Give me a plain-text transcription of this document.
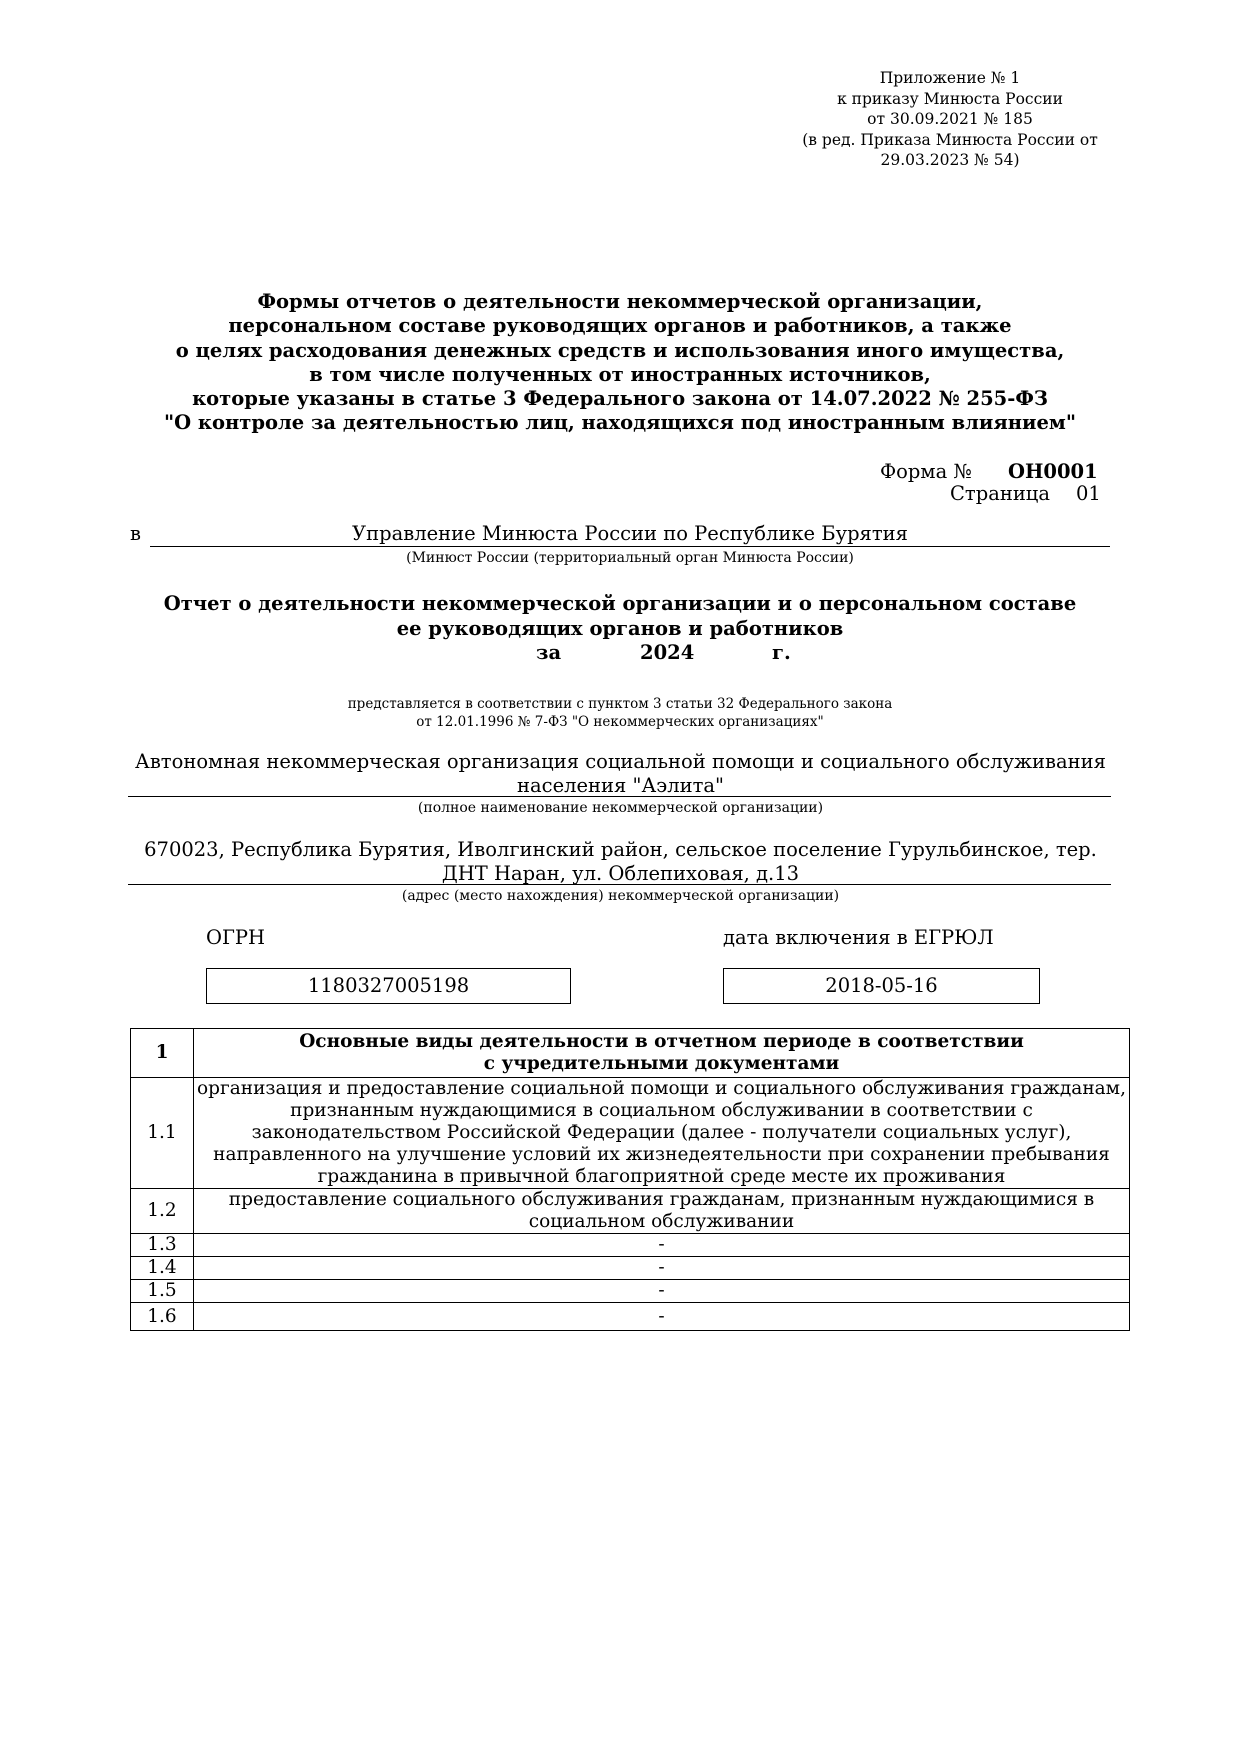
Приложение № 1
к приказу Минюста России
от 30.09.2021 № 185
(в ред. Приказа Минюста России от
29.03.2023 № 54)
Формы отчетов о деятельности некоммерческой организации,
персональном составе руководящих органов и работников, а также
о целях расходования денежных средств и использования иного имущества,
в том числе полученных от иностранных источников,
которые указаны в статье 3 Федерального закона от 14.07.2022 № 255-ФЗ
"О контроле за деятельностью лиц, находящихся под иностранным влиянием"
Форма № ОН0001
Страница 01
в	Управление Минюста России по Республике Бурятия
(Минюст России (территориальный орган Минюста России)
Отчет о деятельности некоммерческой организации и о персональном составе
ее руководящих органов и работников
за	2024	г.
представляется в соответствии с пунктом 3 статьи 32 Федерального закона
от 12.01.1996 № 7-ФЗ "О некоммерческих организациях"
Автономная некоммерческая организация социальной помощи и социального обслуживания
населения "Аэлита"
(полное наименование некоммерческой организации)
670023, Республика Бурятия, Иволгинский район, сельское поселение Гурульбинское, тер.
ДНТ Наран, ул. Облепиховая, д.13
(адрес (место нахождения) некоммерческой организации)
ОГРН	дата включения в ЕГРЮЛ
1180327005198	2018-05-16
1	Основные виды деятельности в отчетном периоде в соответствии
с учредительными документами

1.1	организация и предоставление социальной помощи и социального обслуживания гражданам,
признанным нуждающимися в социальном обслуживании в соответствии с
законодательством Российской Федерации (далее - получатели социальных услуг),
направленного на улучшение условий их жизнедеятельности при сохранении пребывания
гражданина в привычной благоприятной среде месте их проживания

1.2	предоставление социального обслуживания гражданам, признанным нуждающимися в
социальном обслуживании

1.3	-
1.4	-
1.5	-
1.6	-
